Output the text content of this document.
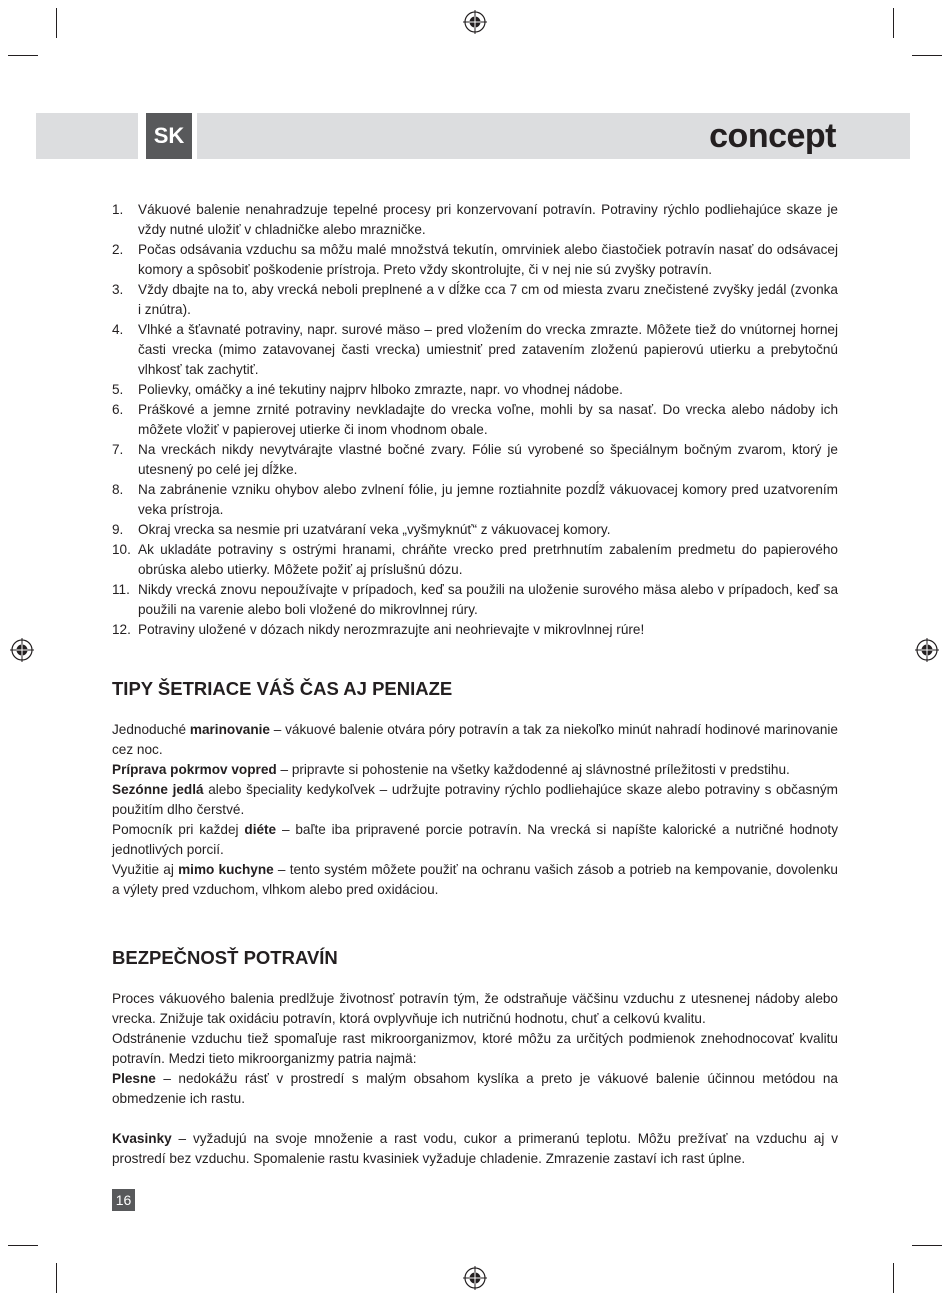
SK	concept
1.	Vákuové balenie nenahradzuje tepelné procesy pri konzervovaní potravín. Potraviny rýchlo podliehajúce skaze je vždy nutné uložiť v chladničke alebo mrazničke.
2.	Počas odsávania vzduchu sa môžu malé množstvá tekutín, omrviniek alebo čiastočiek potravín nasať do odsávacej komory a spôsobiť poškodenie prístroja. Preto vždy skontrolujte, či v nej nie sú zvyšky potravín.
3.	Vždy dbajte na to, aby vrecká neboli preplnené a v dĺžke cca 7 cm od miesta zvaru znečistené zvyšky jedál (zvonka i znútra).
4.	Vlhké a šťavnaté potraviny, napr. surové mäso – pred vložením do vrecka zmrazte. Môžete tiež do vnútornej hornej časti vrecka (mimo zatavovanej časti vrecka) umiestniť pred zatavením zloženú papierovú utierku a prebytočnú vlhkosť tak zachytiť.
5.	Polievky, omáčky a iné tekutiny najprv hlboko zmrazte, napr. vo vhodnej nádobe.
6.	Práškové a jemne zrnité potraviny nevkladajte do vrecka voľne, mohli by sa nasať. Do vrecka alebo nádoby ich môžete vložiť v papierovej utierke či inom vhodnom obale.
7.	Na vreckách nikdy nevytvárajte vlastné bočné zvary. Fólie sú vyrobené so špeciálnym bočným zvarom, ktorý je utesnený po celé jej dĺžke.
8.	Na zabránenie vzniku ohybov alebo zvlnení fólie, ju jemne roztiahnite pozdĺž vákuovacej komory pred uzatvorením veka prístroja.
9.	Okraj vrecka sa nesmie pri uzatváraní veka „vyšmyknúť“ z vákuovacej komory.
10. Ak ukladáte potraviny s ostrými hranami, chráňte vrecko pred pretrhnutím zabalením predmetu do papierového obrúska alebo utierky. Môžete požiť aj príslušnú dózu.
11. Nikdy vrecká znovu nepoužívajte v prípadoch, keď sa použili na uloženie surového mäsa alebo v prípadoch, keď sa použili na varenie alebo boli vložené do mikrovlnnej rúry.
12. Potraviny uložené v dózach nikdy nerozmrazujte ani neohrievajte v mikrovlnnej rúre!
TIPY ŠETRIACE VÁŠ ČAS AJ PENIAZE

Jednoduché marinovanie – vákuové balenie otvára póry potravín a tak za niekoľko minút nahradí hodinové marinovanie cez noc.

Príprava pokrmov vopred – pripravte si pohostenie na všetky každodenné aj slávnostné príležitosti v predstihu.

Sezónne jedlá alebo špeciality kedykoľvek – udržujte potraviny rýchlo podliehajúce skaze alebo potraviny s občasným použitím dlho čerstvé.

Pomocník pri každej diéte – baľte iba pripravené porcie potravín. Na vrecká si napíšte kalorické a nutričné hodnoty jednotlivých porcií.

Využitie aj mimo kuchyne – tento systém môžete použiť na ochranu vašich zásob a potrieb na kempovanie, dovolenku a výlety pred vzduchom, vlhkom alebo pred oxidáciou.

BEZPEČNOSŤ POTRAVÍN

Proces vákuového balenia predlžuje životnosť potravín tým, že odstraňuje väčšinu vzduchu z utesnenej nádoby alebo vrecka. Znižuje tak oxidáciu potravín, ktorá ovplyvňuje ich nutričnú hodnotu, chuť a celkovú kvalitu.

Odstránenie vzduchu tiež spomaľuje rast mikroorganizmov, ktoré môžu za určitých podmienok znehodnocovať kvalitu potravín. Medzi tieto mikroorganizmy patria najmä:

Plesne – nedokážu rásť v prostredí s malým obsahom kyslíka a preto je vákuové balenie účinnou metódou na obmedzenie ich rastu.

Kvasinky – vyžadujú na svoje množenie a rast vodu, cukor a primeranú teplotu. Môžu prežívať na vzduchu aj v prostredí bez vzduchu. Spomalenie rastu kvasiniek vyžaduje chladenie. Zmrazenie zastaví ich rast úplne.

16
